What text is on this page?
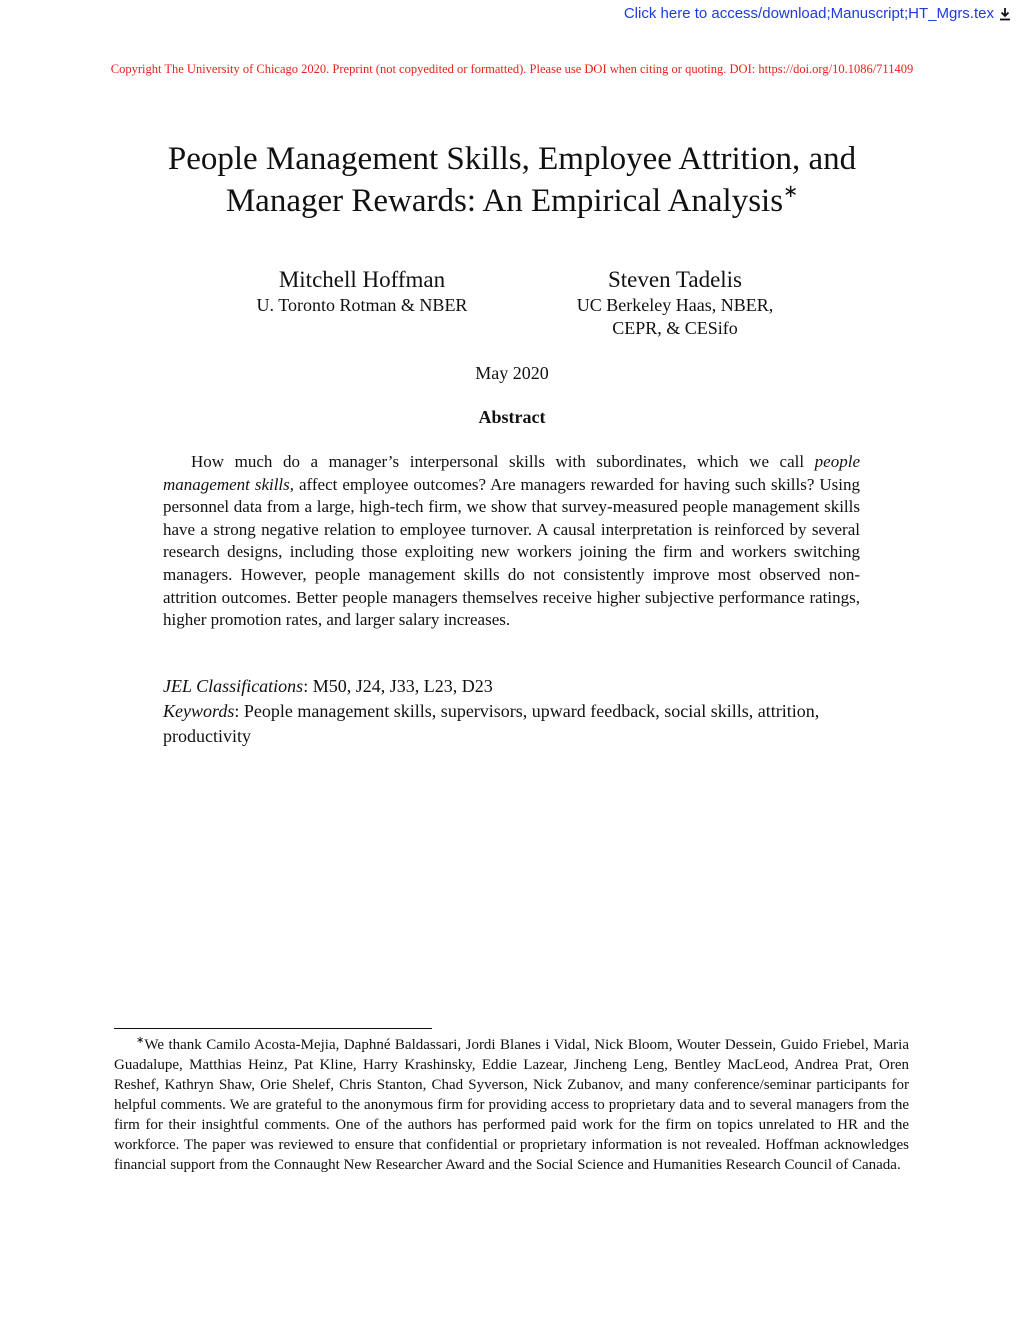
Click here to access/download;Manuscript;HT_Mgrs.tex
Copyright The University of Chicago 2020. Preprint (not copyedited or formatted). Please use DOI when citing or quoting. DOI: https://doi.org/10.1086/711409
People Management Skills, Employee Attrition, and
Manager Rewards: An Empirical Analysis∗
Mitchell Hoffman
U. Toronto Rotman & NBER
Steven Tadelis
UC Berkeley Haas, NBER,
CEPR, & CESifo
May 2020
Abstract

How much do a manager’s interpersonal skills with subordinates, which we call people management skills, affect employee outcomes? Are managers rewarded for having such skills? Using personnel data from a large, high-tech firm, we show that survey-measured people management skills have a strong negative relation to employee turnover. A causal interpretation is reinforced by several research designs, including those exploiting new workers joining the firm and workers switching managers. However, people management skills do not consistently improve most observed non-attrition outcomes. Better people managers themselves receive higher subjective performance ratings, higher promotion rates, and larger salary increases.

JEL Classifications: M50, J24, J33, L23, D23

Keywords: People management skills, supervisors, upward feedback, social skills, attrition, productivity

∗We thank Camilo Acosta-Mejia, Daphné Baldassari, Jordi Blanes i Vidal, Nick Bloom, Wouter Dessein, Guido Friebel, Maria Guadalupe, Matthias Heinz, Pat Kline, Harry Krashinsky, Eddie Lazear, Jincheng Leng, Bentley MacLeod, Andrea Prat, Oren Reshef, Kathryn Shaw, Orie Shelef, Chris Stanton, Chad Syverson, Nick Zubanov, and many conference/seminar participants for helpful comments. We are grateful to the anonymous firm for providing access to proprietary data and to several managers from the firm for their insightful comments. One of the authors has performed paid work for the firm on topics unrelated to HR and the workforce. The paper was reviewed to ensure that confidential or proprietary information is not revealed. Hoffman acknowledges financial support from the Connaught New Researcher Award and the Social Science and Humanities Research Council of Canada.
